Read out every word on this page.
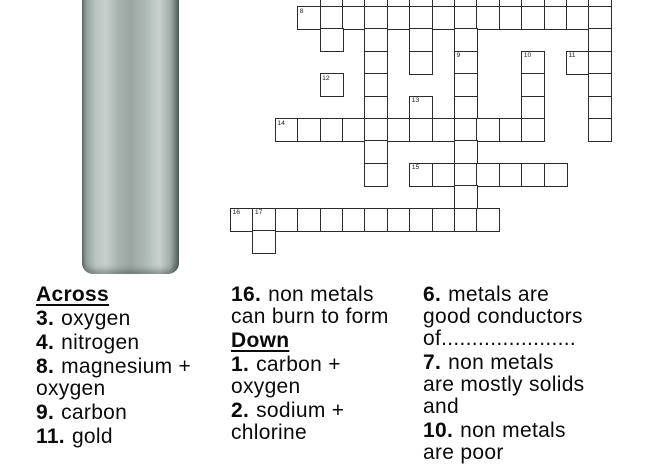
8
9	10	11
12
13
14
15
16 17

Across

3. oxygen

4. nitrogen

8. magnesium +
oxygen

9. carbon

11. gold

16. non metals
can burn to form

Down

1. carbon +
oxygen

2. sodium +
chlorine

6. metals are
good conductors
of......................

7. non metals
are mostly solids
and

10. non metals
are poor
